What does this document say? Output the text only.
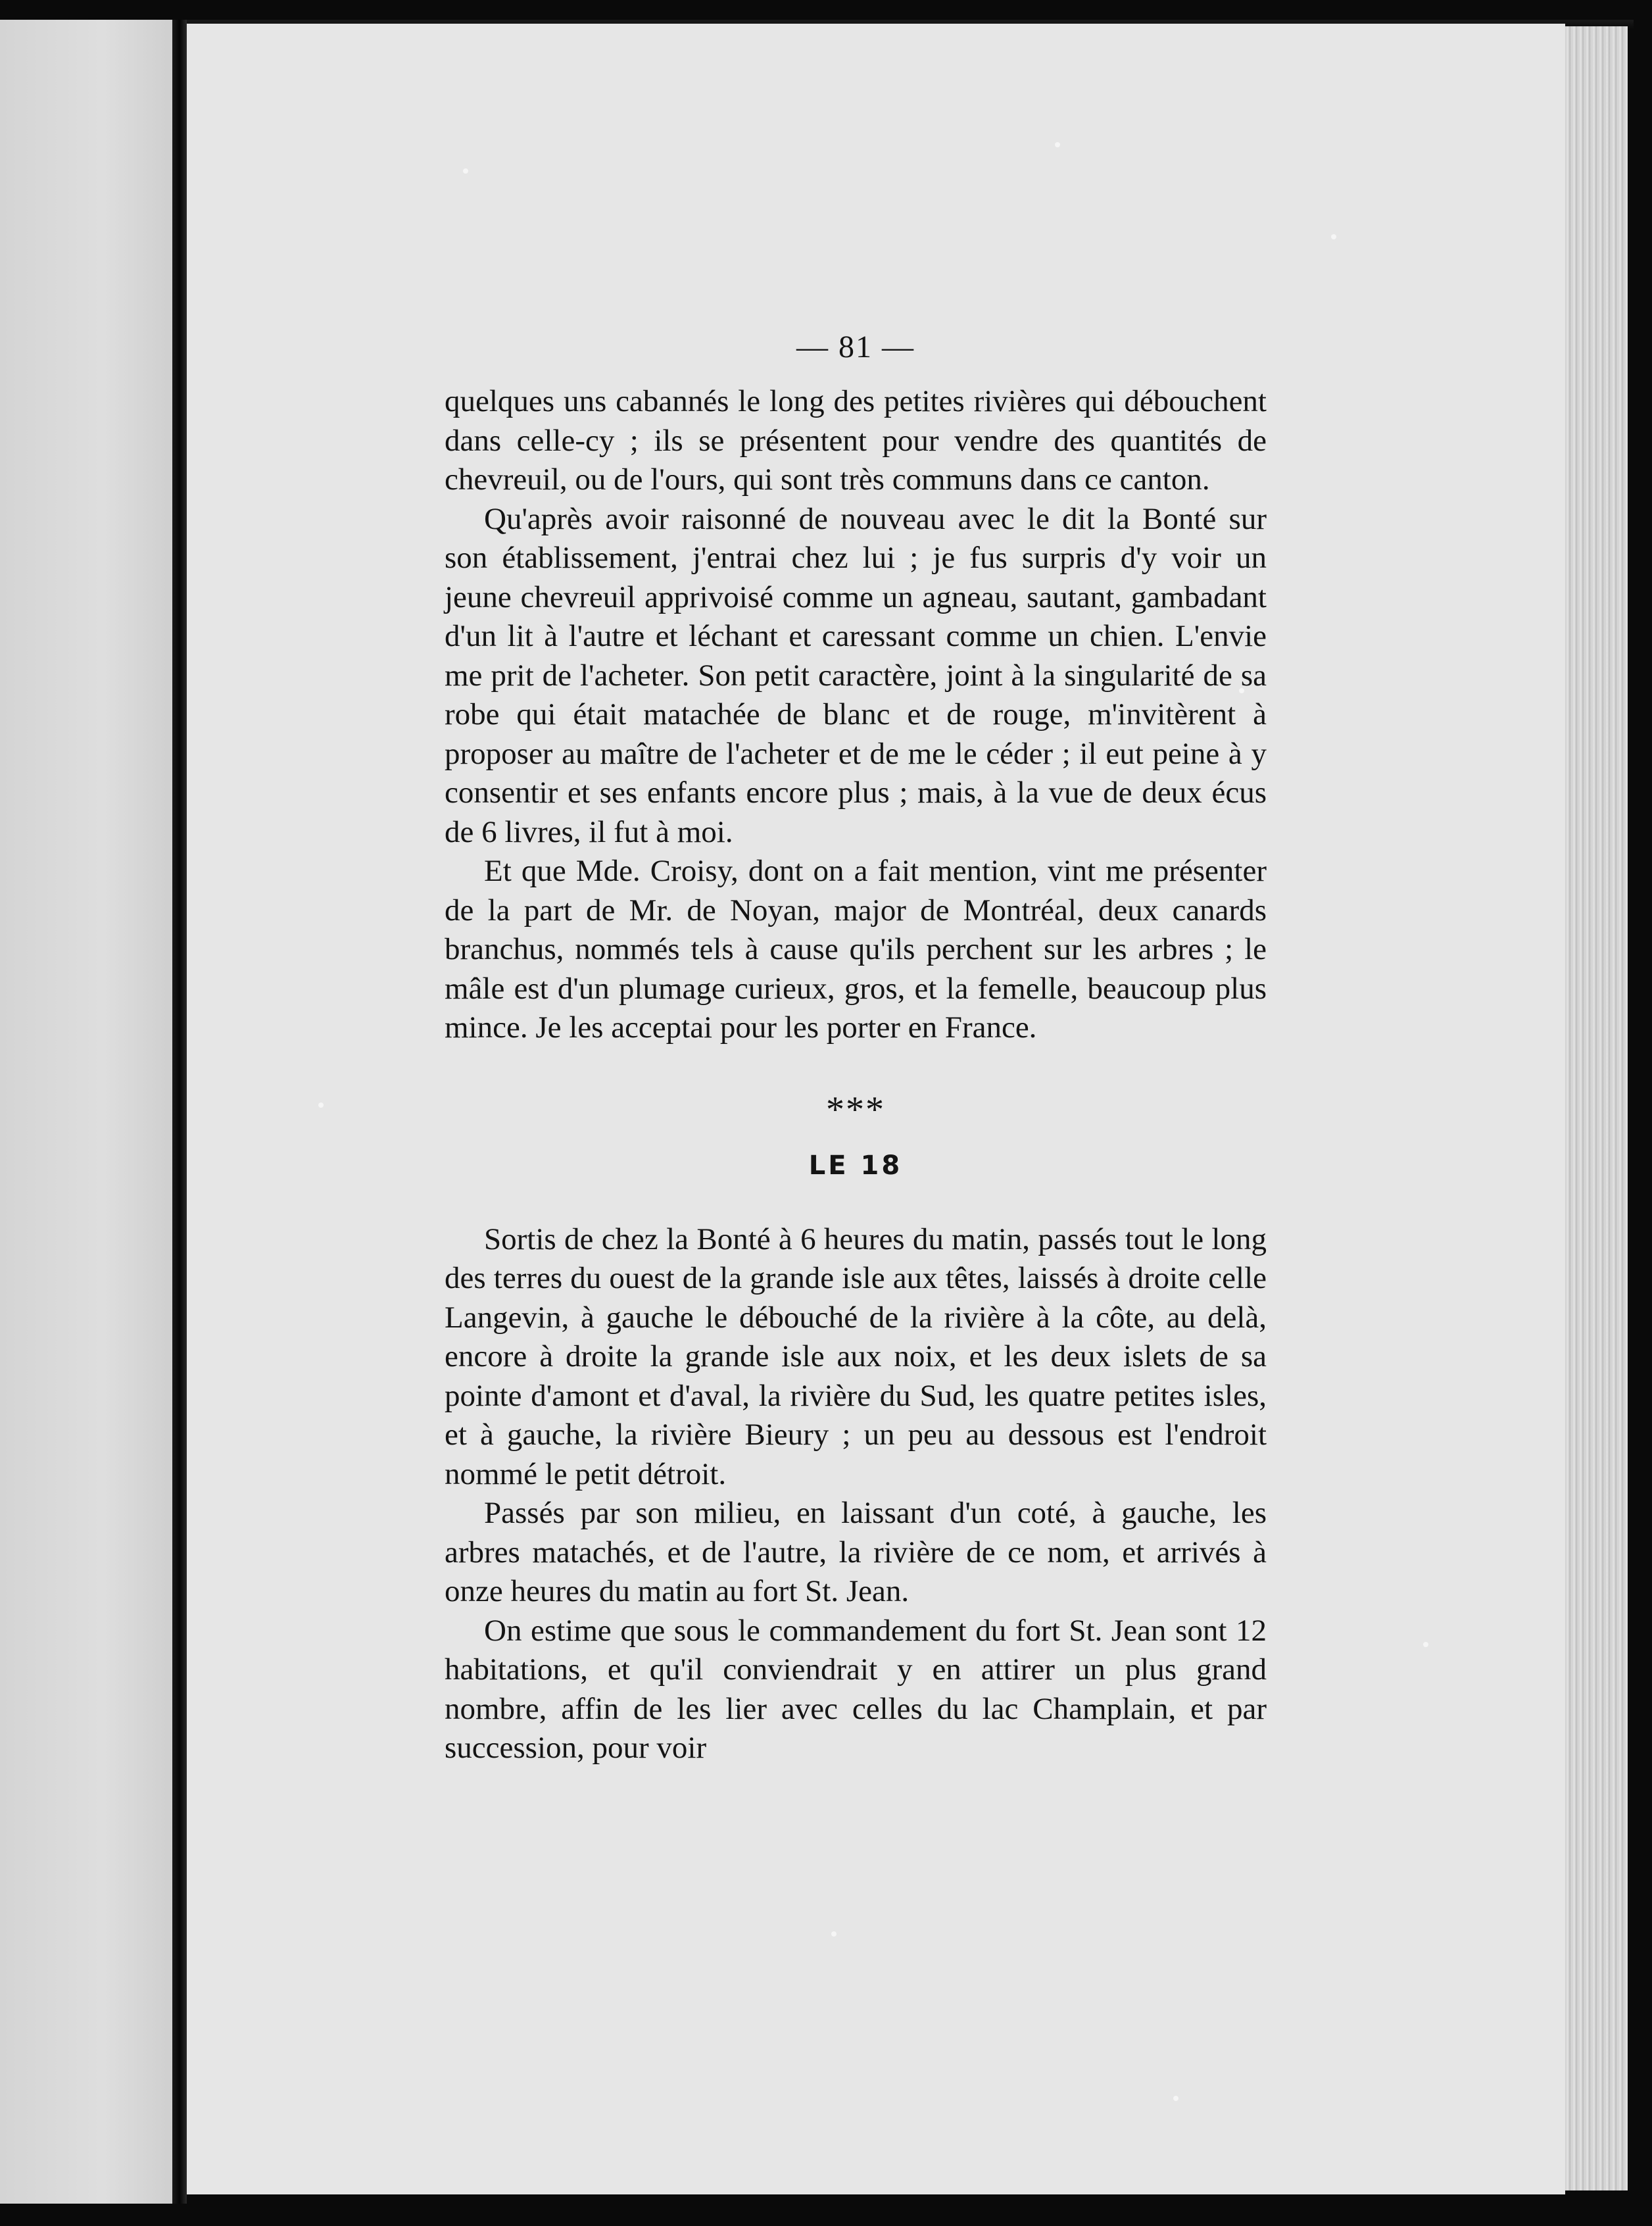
— 81 —

quelques uns cabannés le long des petites rivières qui débouchent dans celle-cy ; ils se présentent pour vendre des quantités de chevreuil, ou de l'ours, qui sont très communs dans ce canton.

Qu'après avoir raisonné de nouveau avec le dit la Bonté sur son établissement, j'entrai chez lui ; je fus surpris d'y voir un jeune chevreuil apprivoisé comme un agneau, sautant, gambadant d'un lit à l'autre et léchant et caressant comme un chien. L'envie me prit de l'acheter. Son petit caractère, joint à la singularité de sa robe qui était matachée de blanc et de rouge, m'invitèrent à proposer au maître de l'acheter et de me le céder ; il eut peine à y consentir et ses enfants encore plus ; mais, à la vue de deux écus de 6 livres, il fut à moi.

Et que Mde. Croisy, dont on a fait mention, vint me présenter de la part de Mr. de Noyan, major de Montréal, deux canards branchus, nommés tels à cause qu'ils perchent sur les arbres ; le mâle est d'un plumage curieux, gros, et la femelle, beaucoup plus mince. Je les acceptai pour les porter en France.

***

LE 18

Sortis de chez la Bonté à 6 heures du matin, passés tout le long des terres du ouest de la grande isle aux têtes, laissés à droite celle Langevin, à gauche le débouché de la rivière à la côte, au delà, encore à droite la grande isle aux noix, et les deux islets de sa pointe d'amont et d'aval, la rivière du Sud, les quatre petites isles, et à gauche, la rivière Bieury ; un peu au dessous est l'endroit nommé le petit détroit.

Passés par son milieu, en laissant d'un coté, à gauche, les arbres matachés, et de l'autre, la rivière de ce nom, et arrivés à onze heures du matin au fort St. Jean.

On estime que sous le commandement du fort St. Jean sont 12 habitations, et qu'il conviendrait y en attirer un plus grand nombre, affin de les lier avec celles du lac Champlain, et par succession, pour voir
